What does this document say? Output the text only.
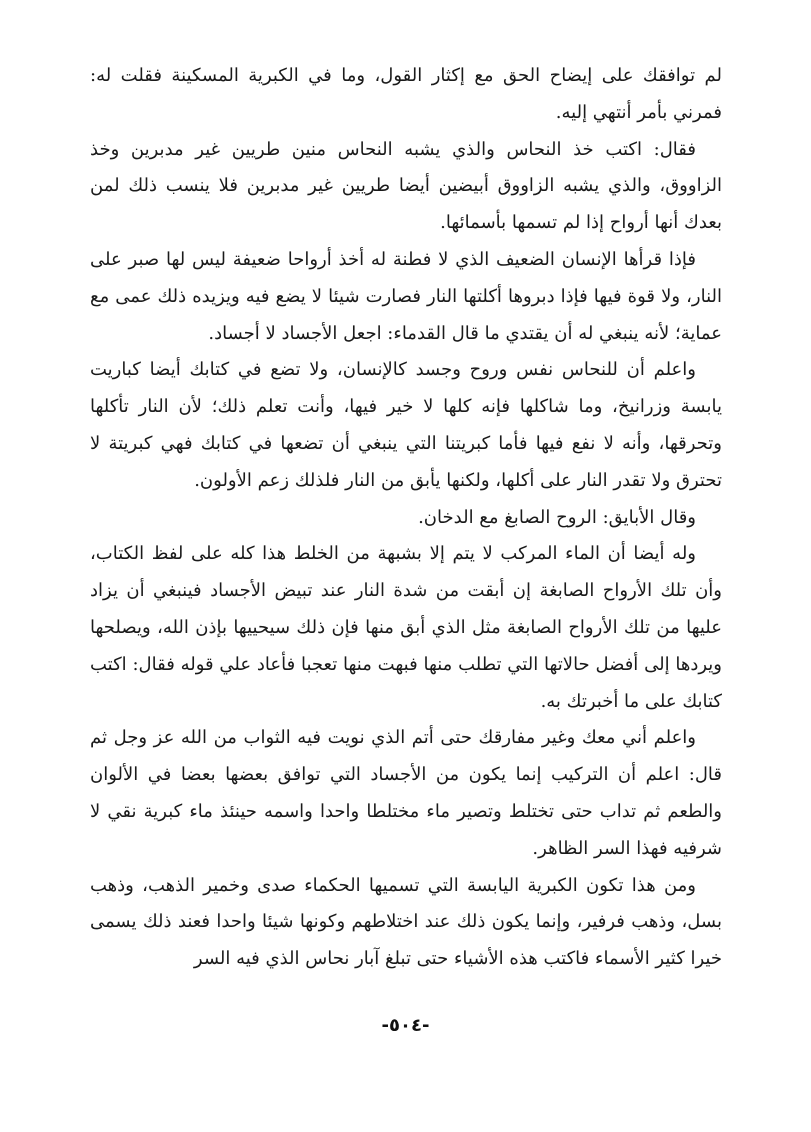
لم توافقك على إيضاح الحق مع إكثار القول، وما في الكبرية المسكينة فقلت له: فمرني بأمر أنتهي إليه.

فقال: اكتب خذ النحاس والذي يشبه النحاس منين طريين غير مدبرين وخذ الزاووق، والذي يشبه الزاووق أبيضين أيضا طريين غير مدبرين فلا ينسب ذلك لمن بعدك أنها أرواح إذا لم تسمها بأسمائها.

فإذا قرأها الإنسان الضعيف الذي لا فطنة له أخذ أرواحا ضعيفة ليس لها صبر على النار، ولا قوة فيها فإذا دبروها أكلتها النار فصارت شيئا لا يضع فيه ويزيده ذلك عمى مع عماية؛ لأنه ينبغي له أن يقتدي ما قال القدماء: اجعل الأجساد لا أجساد.

واعلم أن للنحاس نفس وروح وجسد كالإنسان، ولا تضع في كتابك أيضا كباريت يابسة وزرانيخ، وما شاكلها فإنه كلها لا خير فيها، وأنت تعلم ذلك؛ لأن النار تأكلها وتحرقها، وأنه لا نفع فيها فأما كبريتنا التي ينبغي أن تضعها في كتابك فهي كبريتة لا تحترق ولا تقدر النار على أكلها، ولكنها يأبق من النار فلذلك زعم الأولون.

وقال الأبايق: الروح الصابغ مع الدخان.

وله أيضا أن الماء المركب لا يتم إلا بشبهة من الخلط هذا كله على لفظ الكتاب، وأن تلك الأرواح الصابغة إن أبقت من شدة النار عند تبيض الأجساد فينبغي أن يزاد عليها من تلك الأرواح الصابغة مثل الذي أبق منها فإن ذلك سيحييها بإذن الله، ويصلحها ويردها إلى أفضل حالاتها التي تطلب منها فبهت منها تعجبا فأعاد علي قوله فقال: اكتب كتابك على ما أخبرتك به.

واعلم أني معك وغير مفارقك حتى أتم الذي نويت فيه الثواب من الله عز وجل ثم قال: اعلم أن التركيب إنما يكون من الأجساد التي توافق بعضها بعضا في الألوان والطعم ثم تداب حتى تختلط وتصير ماء مختلطا واحدا واسمه حينئذ ماء كبرية نقي لا شرفيه فهذا السر الظاهر.

ومن هذا تكون الكبرية اليابسة التي تسميها الحكماء صدى وخمير الذهب، وذهب بسل، وذهب فرفير، وإنما يكون ذلك عند اختلاطهم وكونها شيئا واحدا فعند ذلك يسمى خيرا كثير الأسماء فاكتب هذه الأشياء حتى تبلغ آبار نحاس الذي فيه السر

-٥٠٤-
